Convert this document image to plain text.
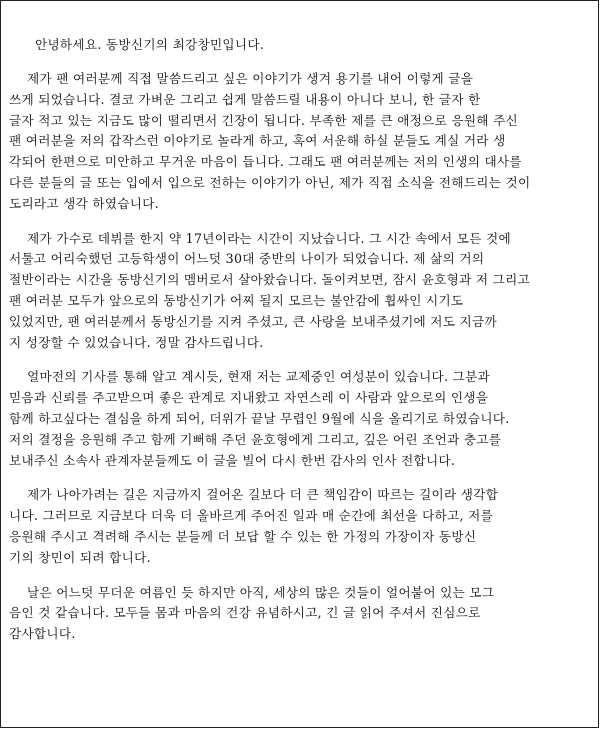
안녕하세요. 동방신기의 최강창민입니다.
제가 팬 여러분께 직접 말씀드리고 싶은 이야기가 생겨 용기를 내어 이렇게 글을
쓰게 되었습니다. 결코 가벼운 그리고 쉽게 말씀드릴 내용이 아니다 보니, 한 글자 한
글자 적고 있는 지금도 많이 떨리면서 긴장이 됩니다. 부족한 제를 큰 애정으로 응원해 주신
팬 여러분을 저의 갑작스런 이야기로 놀라게 하고, 혹여 서운해 하실 분들도 계실 거라 생
각되어 한편으로 미안하고 무거운 마음이 듭니다. 그래도 팬 여러분께는 저의 인생의 대사를
다른 분들의 글 또는 입에서 입으로 전하는 이야기가 아닌, 제가 직접 소식을 전해드리는 것이
도리라고 생각 하였습니다.
제가 가수로 데뷔를 한지 약 17년이라는 시간이 지났습니다. 그 시간 속에서 모든 것에
서툴고 어리숙했던 고등학생이 어느덧 30대 중반의 나이가 되었습니다. 제 삶의 거의
절반이라는 시간을 동방신기의 멤버로서 살아왔습니다. 돌이켜보면, 잠시 윤호형과 저 그리고
팬 여러분 모두가 앞으로의 동방신기가 어찌 될지 모르는 불안감에 휩싸인 시기도
있었지만, 팬 여러분께서 동방신기를 지켜 주셨고, 큰 사랑을 보내주셨기에 저도 지금까
지 성장할 수 있었습니다. 정말 감사드립니다.
얼마전의 기사를 통해 알고 계시듯, 현재 저는 교제중인 여성분이 있습니다. 그분과
믿음과 신뢰를 주고받으며 좋은 관계로 지내왔고 자연스레 이 사람과 앞으로의 인생을
함께 하고싶다는 결심을 하게 되어, 더위가 끝날 무렵인 9월에 식을 올리기로 하였습니다.
저의 결정을 응원해 주고 함께 기뻐해 주던 윤호형에게 그리고, 깊은 어린 조언과 충고를
보내주신 소속사 관계자분들께도 이 글을 빌어 다시 한번 감사의 인사 전합니다.
제가 나아가려는 길은 지금까지 걸어온 길보다 더 큰 책임감이 따르는 길이라 생각합
니다. 그러므로 지금보다 더욱 더 올바르게 주어진 일과 매 순간에 최선을 다하고, 저를
응원해 주시고 격려해 주시는 분들께 더 보답 할 수 있는 한 가정의 가장이자 동방신
기의 창민이 되려 합니다.
날은 어느덧 무더운 여름인 듯 하지만 아직, 세상의 많은 것들이 얼어붙어 있는 모그
음인 것 같습니다. 모두들 몸과 마음의 건강 유념하시고, 긴 글 읽어 주셔서 진심으로
감사합니다.
